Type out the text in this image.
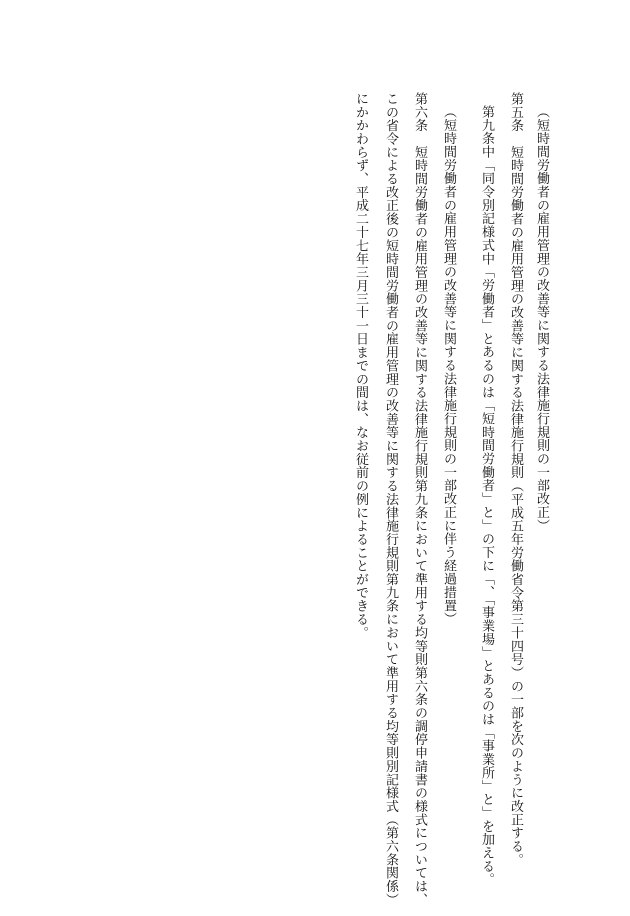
（短時間労働者の雇用管理の改善等に関する法律施行規則の一部改正）
第五条　短時間労働者の雇用管理の改善等に関する法律施行規則（平成五年労働省令第三十四号）の一部を次のように改正する。
第九条中「同令別記様式中「労働者」とあるのは「短時間労働者」と」の下に「、「事業場」とあるのは「事業所」と」を加える。
（短時間労働者の雇用管理の改善等に関する法律施行規則の一部改正に伴う経過措置）
第六条　短時間労働者の雇用管理の改善等に関する法律施行規則第九条において準用する均等則第六条の調停申請書の様式については、
この省令による改正後の短時間労働者の雇用管理の改善等に関する法律施行規則第九条において準用する均等則別記様式（第六条関係）
にかかわらず、平成二十七年三月三十一日までの間は、なお従前の例によることができる。
